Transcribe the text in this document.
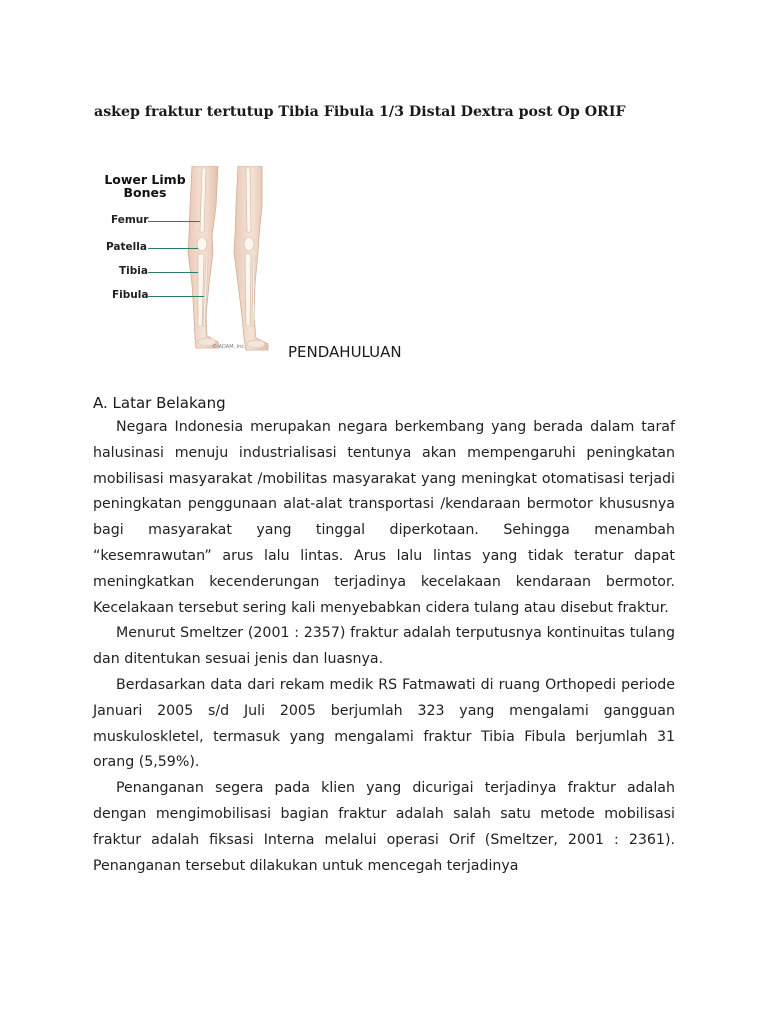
askep fraktur tertutup Tibia Fibula 1/3 Distal Dextra post Op ORIF
Lower Limb
Bones
Femur
Patella
Tibia
Fibula
© ADAM, Inc.	PENDAHULUAN
A. Latar Belakang

Negara Indonesia merupakan negara berkembang yang berada dalam taraf halusinasi menuju industrialisasi tentunya akan mempengaruhi peningkatan mobilisasi masyarakat /mobilitas masyarakat yang meningkat otomatisasi terjadi peningkatan penggunaan alat-alat transportasi /kendaraan bermotor khususnya bagi masyarakat yang tinggal diperkotaan. Sehingga menambah “kesemrawutan” arus lalu lintas. Arus lalu lintas yang tidak teratur dapat meningkatkan kecenderungan terjadinya kecelakaan kendaraan bermotor. Kecelakaan tersebut sering kali menyebabkan cidera tulang atau disebut fraktur.

Menurut Smeltzer (2001 : 2357) fraktur adalah terputusnya kontinuitas tulang dan ditentukan sesuai jenis dan luasnya.

Berdasarkan data dari rekam medik RS Fatmawati di ruang Orthopedi periode Januari 2005 s/d Juli 2005 berjumlah 323 yang mengalami gangguan muskuloskletel, termasuk yang mengalami fraktur Tibia Fibula berjumlah 31 orang (5,59%).

Penanganan segera pada klien yang dicurigai terjadinya fraktur adalah dengan mengimobilisasi bagian fraktur adalah salah satu metode mobilisasi fraktur adalah fiksasi Interna melalui operasi Orif (Smeltzer, 2001 : 2361). Penanganan tersebut dilakukan untuk mencegah terjadinya
